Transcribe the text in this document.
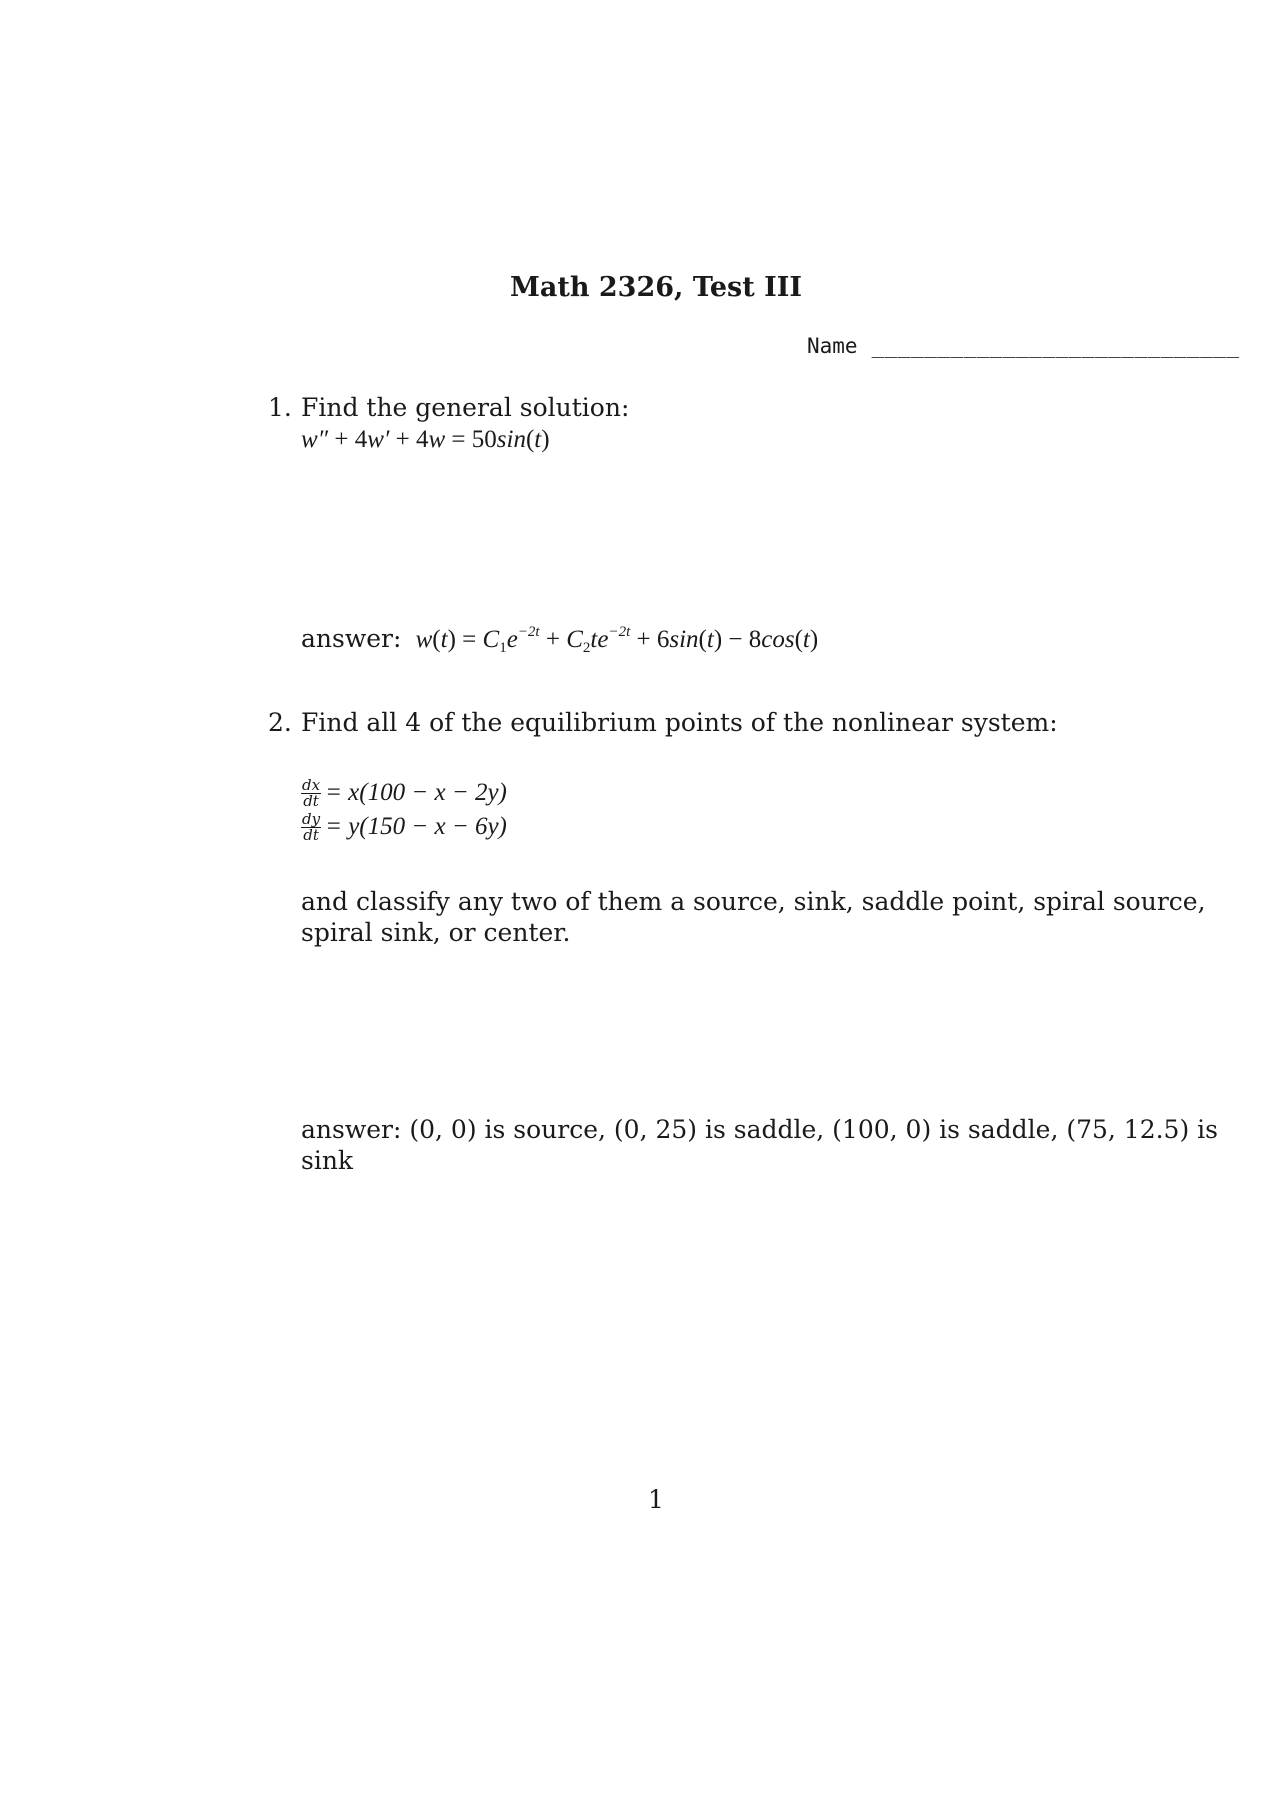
Math 2326, Test III
Name ____________________________
1. Find the general solution:
w″ + 4w′ + 4w = 50sin(t)
answer:  $w(t) = C_1e^{-2t} + C_2te^{-2t} + 6\sin(t) - 8\cos(t)$
2. Find all 4 of the equilibrium points of the nonlinear system:
$\frac{dx}{dt} = x(100 - x - 2y)$
$\frac{dy}{dt} = y(150 - x - 6y)$
and classify any two of them a source, sink, saddle point, spiral source,
spiral sink, or center.
answer: (0, 0) is source, (0, 25) is saddle, (100, 0) is saddle, (75, 12.5) is
sink
1
